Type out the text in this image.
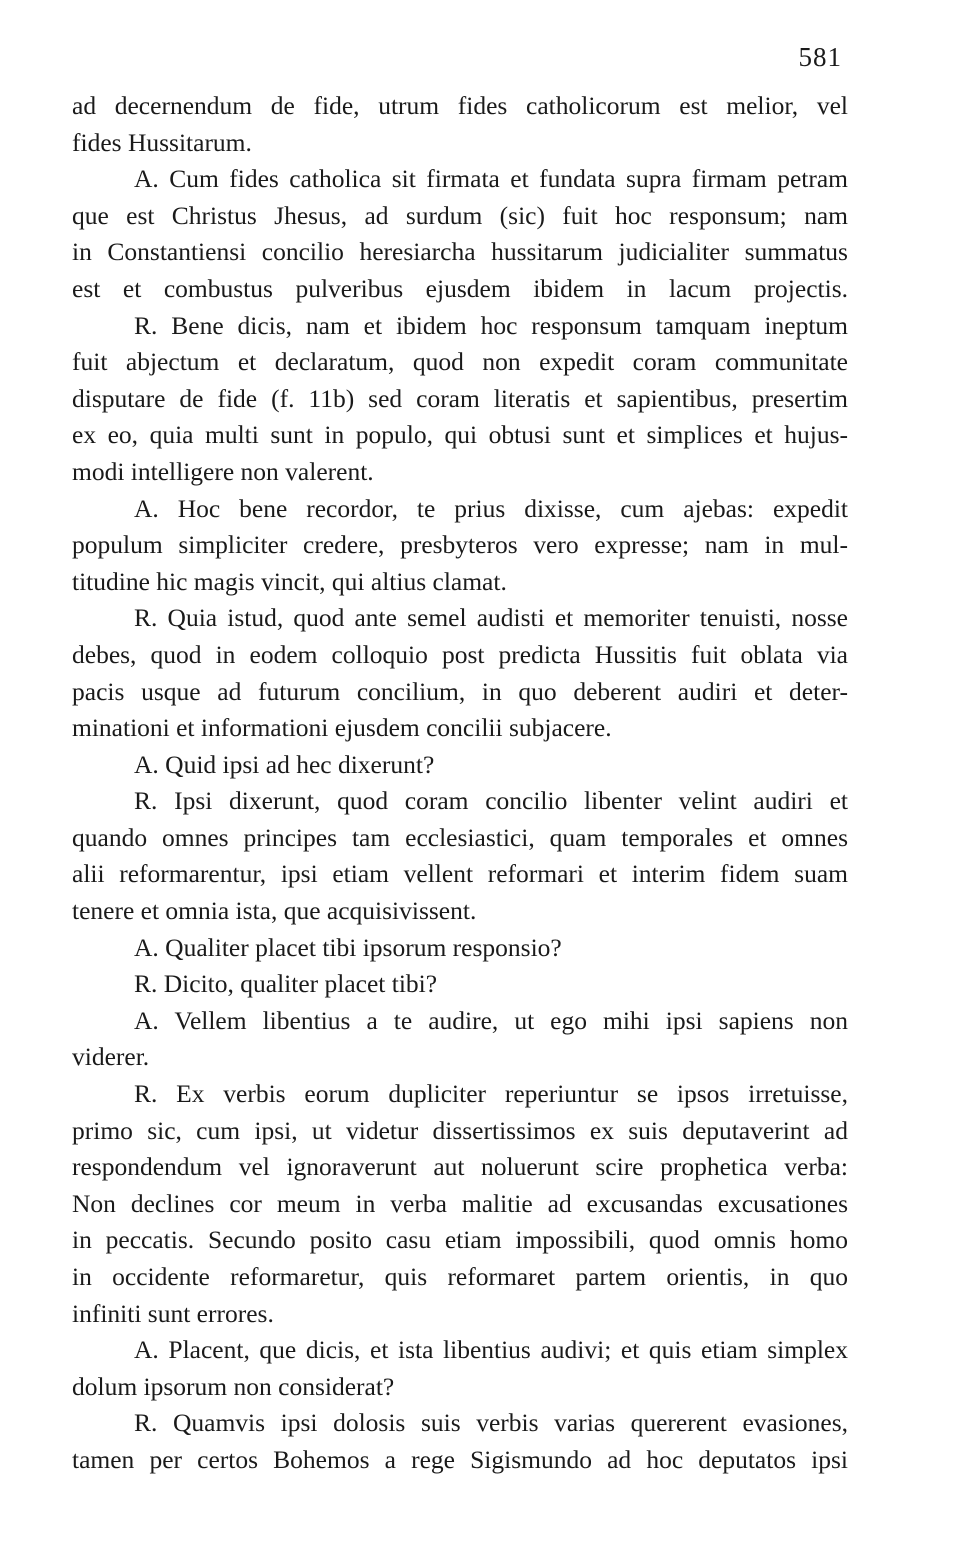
581
ad decernendum de fide, utrum fides catholicorum est melior, vel
fides Hussitarum.
A. Cum fides catholica sit firmata et fundata supra firmam petram
que est Christus Jhesus, ad surdum (sic) fuit hoc responsum; nam
in Constantiensi concilio heresiarcha hussitarum judicialiter summatus
est et combustus pulveribus ejusdem ibidem in lacum projectis.
R. Bene dicis, nam et ibidem hoc responsum tamquam ineptum
fuit abjectum et declaratum, quod non expedit coram communitate
disputare de fide (f. 11b) sed coram literatis et sapientibus, presertim
ex eo, quia multi sunt in populo, qui obtusi sunt et simplices et hujus-
modi intelligere non valerent.
A. Hoc bene recordor, te prius dixisse, cum ajebas: expedit
populum simpliciter credere, presbyteros vero expresse; nam in mul-
titudine hic magis vincit, qui altius clamat.
R. Quia istud, quod ante semel audisti et memoriter tenuisti, nosse
debes, quod in eodem colloquio post predicta Hussitis fuit oblata via
pacis usque ad futurum concilium, in quo deberent audiri et deter-
minationi et informationi ejusdem concilii subjacere.
A. Quid ipsi ad hec dixerunt?
R. Ipsi dixerunt, quod coram concilio libenter velint audiri et
quando omnes principes tam ecclesiastici, quam temporales et omnes
alii reformarentur, ipsi etiam vellent reformari et interim fidem suam
tenere et omnia ista, que acquisivissent.
A. Qualiter placet tibi ipsorum responsio?
R. Dicito, qualiter placet tibi?
A. Vellem libentius a te audire, ut ego mihi ipsi sapiens non
viderer.
R. Ex verbis eorum dupliciter reperiuntur se ipsos irretuisse,
primo sic, cum ipsi, ut videtur dissertissimos ex suis deputaverint ad
respondendum vel ignoraverunt aut noluerunt scire prophetica verba:
Non declines cor meum in verba malitie ad excusandas excusationes
in peccatis. Secundo posito casu etiam impossibili, quod omnis homo
in occidente reformaretur, quis reformaret partem orientis, in quo
infiniti sunt errores.
A. Placent, que dicis, et ista libentius audivi; et quis etiam simplex
dolum ipsorum non considerat?
R. Quamvis ipsi dolosis suis verbis varias quererent evasiones,
tamen per certos Bohemos a rege Sigismundo ad hoc deputatos ipsi
